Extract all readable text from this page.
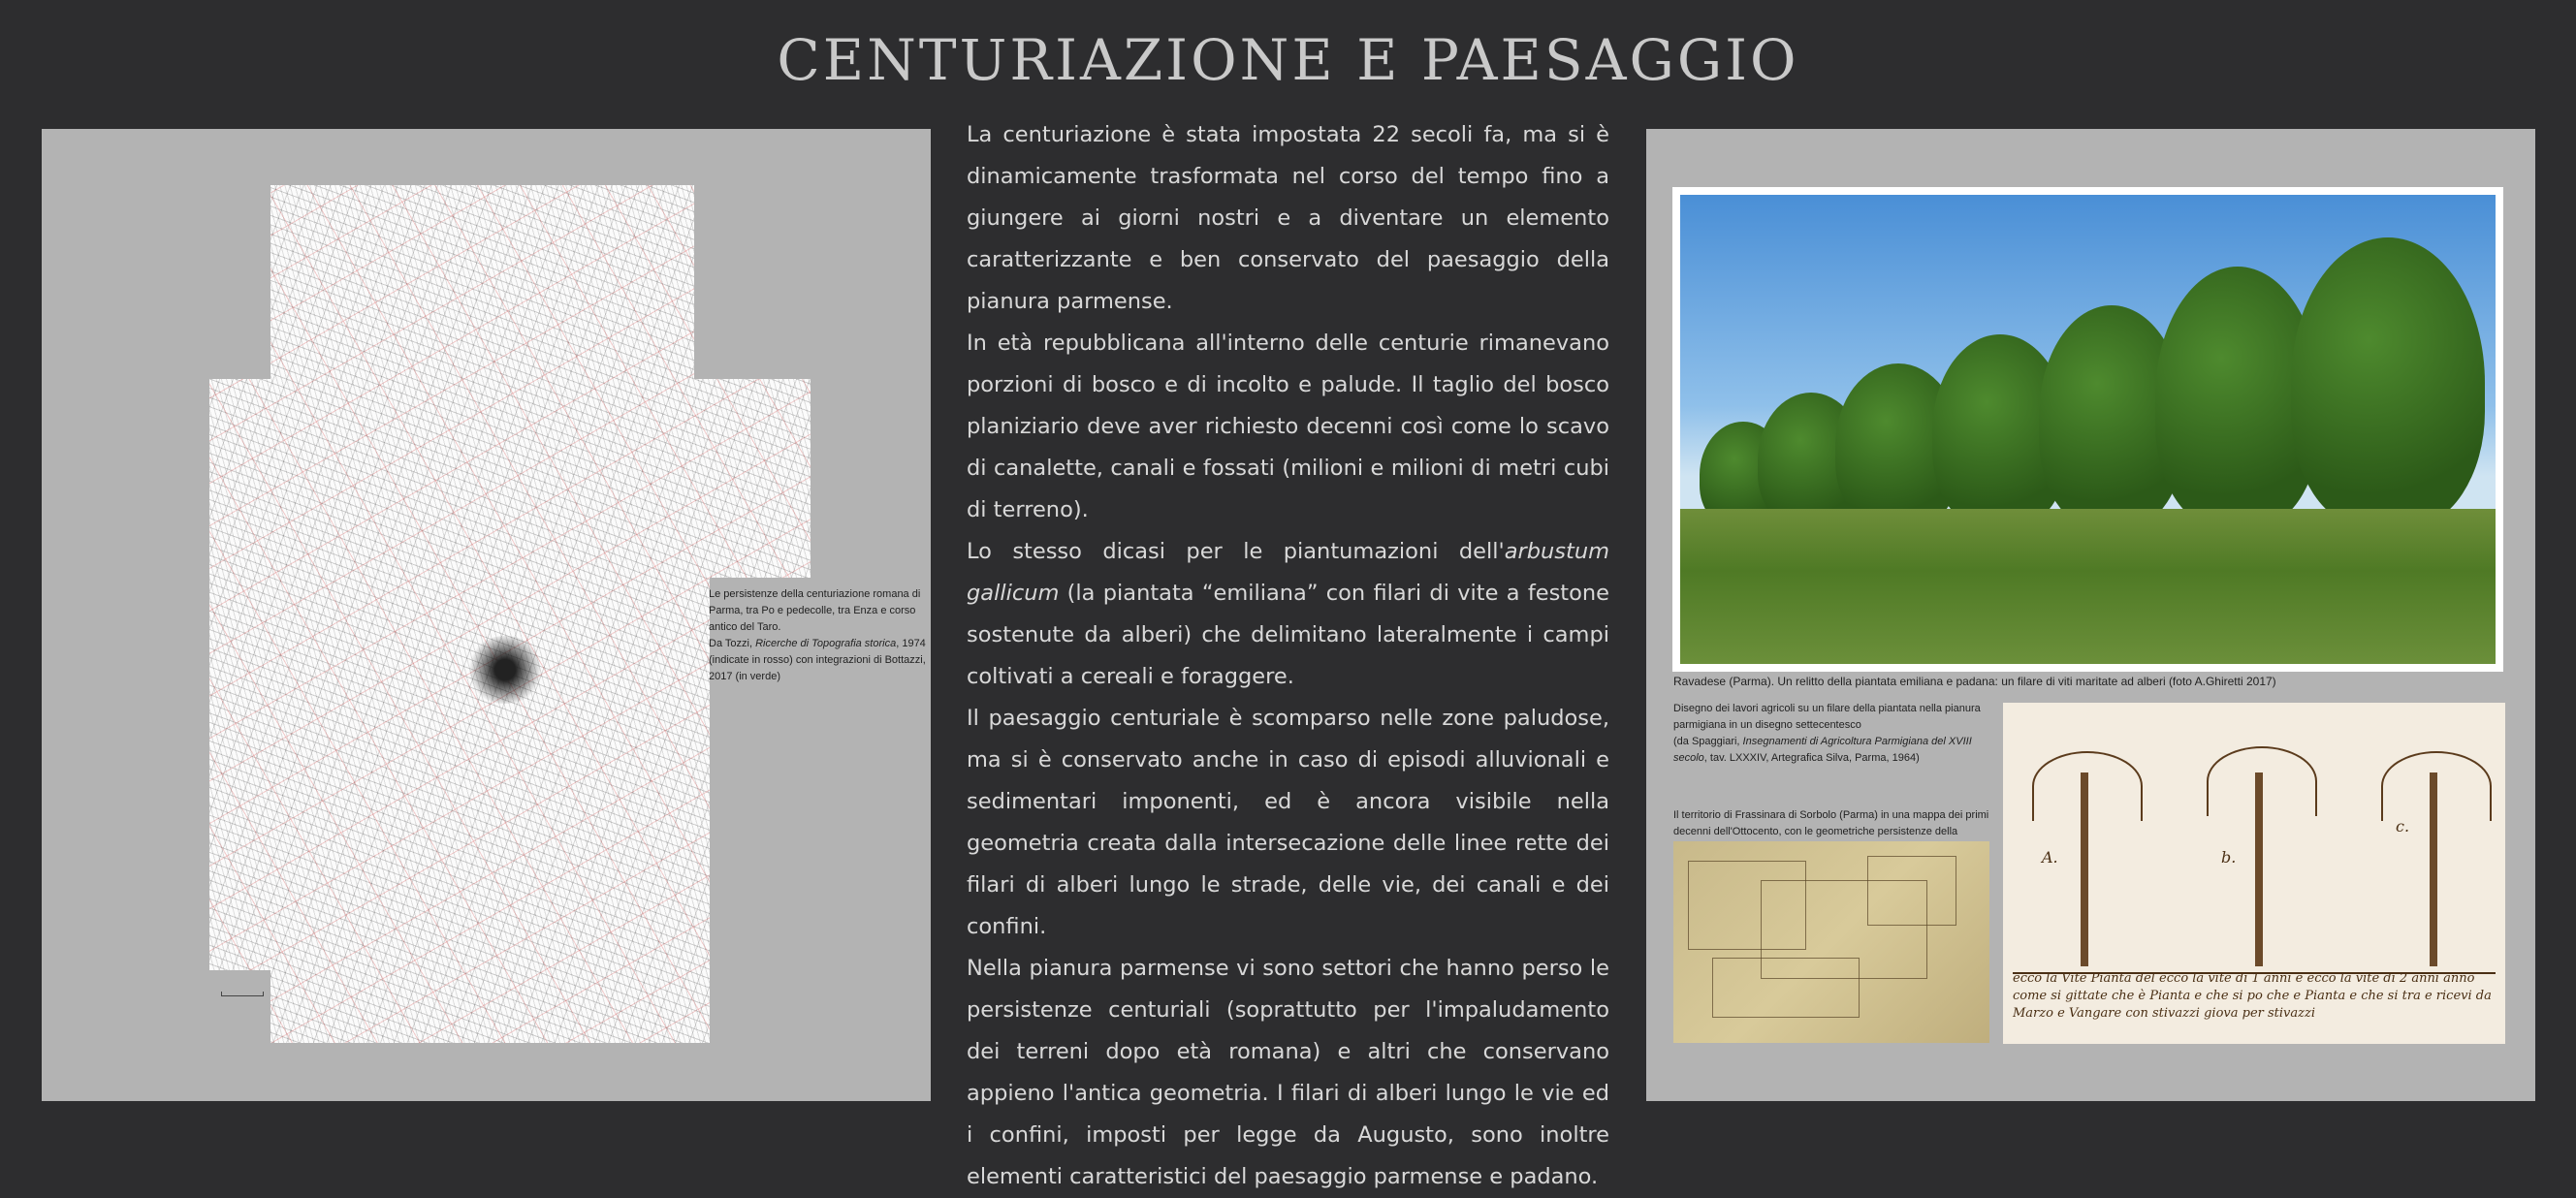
CENTURIAZIONE E PAESAGGIO
Le persistenze della centuriazione romana di Parma, tra Po e pedecolle, tra Enza e corso antico del Taro.
Da Tozzi, Ricerche di Topografia storica, 1974 (indicate in rosso) con integrazioni di Bottazzi, 2017 (in verde)

La centuriazione è stata impostata 22 secoli fa, ma si è dinamicamente trasformata nel corso del tempo fino a giungere ai giorni nostri e a diventare un elemento caratterizzante e ben conservato del paesaggio della pianura parmense.

In età repubblicana all'interno delle centurie rimanevano porzioni di bosco e di incolto e palude. Il taglio del bosco planiziario deve aver richiesto decenni così come lo scavo di canalette, canali e fossati (milioni e milioni di metri cubi di terreno).

Lo stesso dicasi per le piantumazioni dell'arbustum gallicum (la piantata “emiliana” con filari di vite a festone sostenute da alberi) che delimitano lateralmente i campi coltivati a cereali e foraggere.

Il paesaggio centuriale è scomparso nelle zone paludose, ma si è conservato anche in caso di episodi alluvionali e sedimentari imponenti, ed è ancora visibile nella geometria creata dalla intersecazione delle linee rette dei filari di alberi lungo le strade, delle vie, dei canali e dei confini.

Nella pianura parmense vi sono settori che hanno perso le persistenze centuriali (soprattutto per l'impaludamento dei terreni dopo età romana) e altri che conservano appieno l'antica geometria. I filari di alberi lungo le vie ed i confini, imposti per legge da Augusto, sono inoltre elementi caratteristici del paesaggio parmense e padano.

Ravadese (Parma). Un relitto della piantata emiliana e padana: un filare di viti maritate ad alberi (foto A.Ghiretti 2017)
Disegno dei lavori agricoli su un filare della piantata nella pianura parmigiana in un disegno settecentesco
(da Spaggiari, Insegnamenti di Agricoltura Parmigiana del XVIII secolo, tav. LXXXIV, Artegrafica Silva, Parma, 1964)
Il territorio di Frassinara di Sorbolo (Parma) in una mappa dei primi decenni dell'Ottocento, con le geometriche persistenze della
A.	b.
c.
ecco la Vite Pianta del ecco la vite di 1 anni e ecco la vite di 2 anni anno come si gittate che è Pianta e che si po che e Pianta e che si tra e ricevi da Marzo e Vangare con stivazzi giova per stivazzi
